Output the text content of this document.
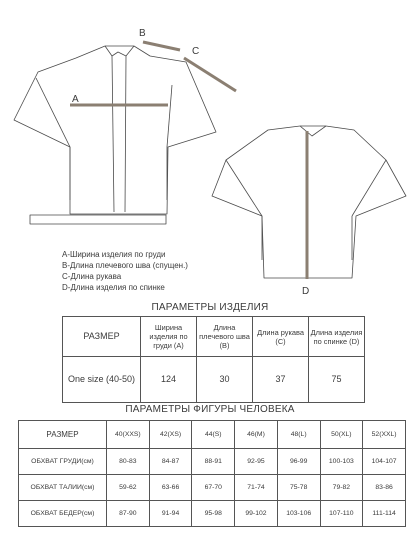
A
B
C
D
A-Ширина изделия по груди
B-Длина плечевого шва (спущен.)
C-Длина рукава
D-Длина изделия по спинке
ПАРАМЕТРЫ ИЗДЕЛИЯ
РАЗМЕР	Ширина изделия по груди (А)	Длина плечевого шва (В)	Длина рукава (С)	Длина изделия по спинке (D)
One size (40-50)	124	30	37	75
ПАРАМЕТРЫ ФИГУРЫ ЧЕЛОВЕКА
РАЗМЕР	40(XXS)	42(XS)	44(S)	46(M)	48(L)	50(XL)	52(XXL)
ОБХВАТ ГРУДИ(см)	80-83	84-87	88-91	92-95	96-99	100-103	104-107
ОБХВАТ ТАЛИИ(см)	59-62	63-66	67-70	71-74	75-78	79-82	83-86
ОБХВАТ БЕДЕР(см)	87-90	91-94	95-98	99-102	103-106	107-110	111-114
